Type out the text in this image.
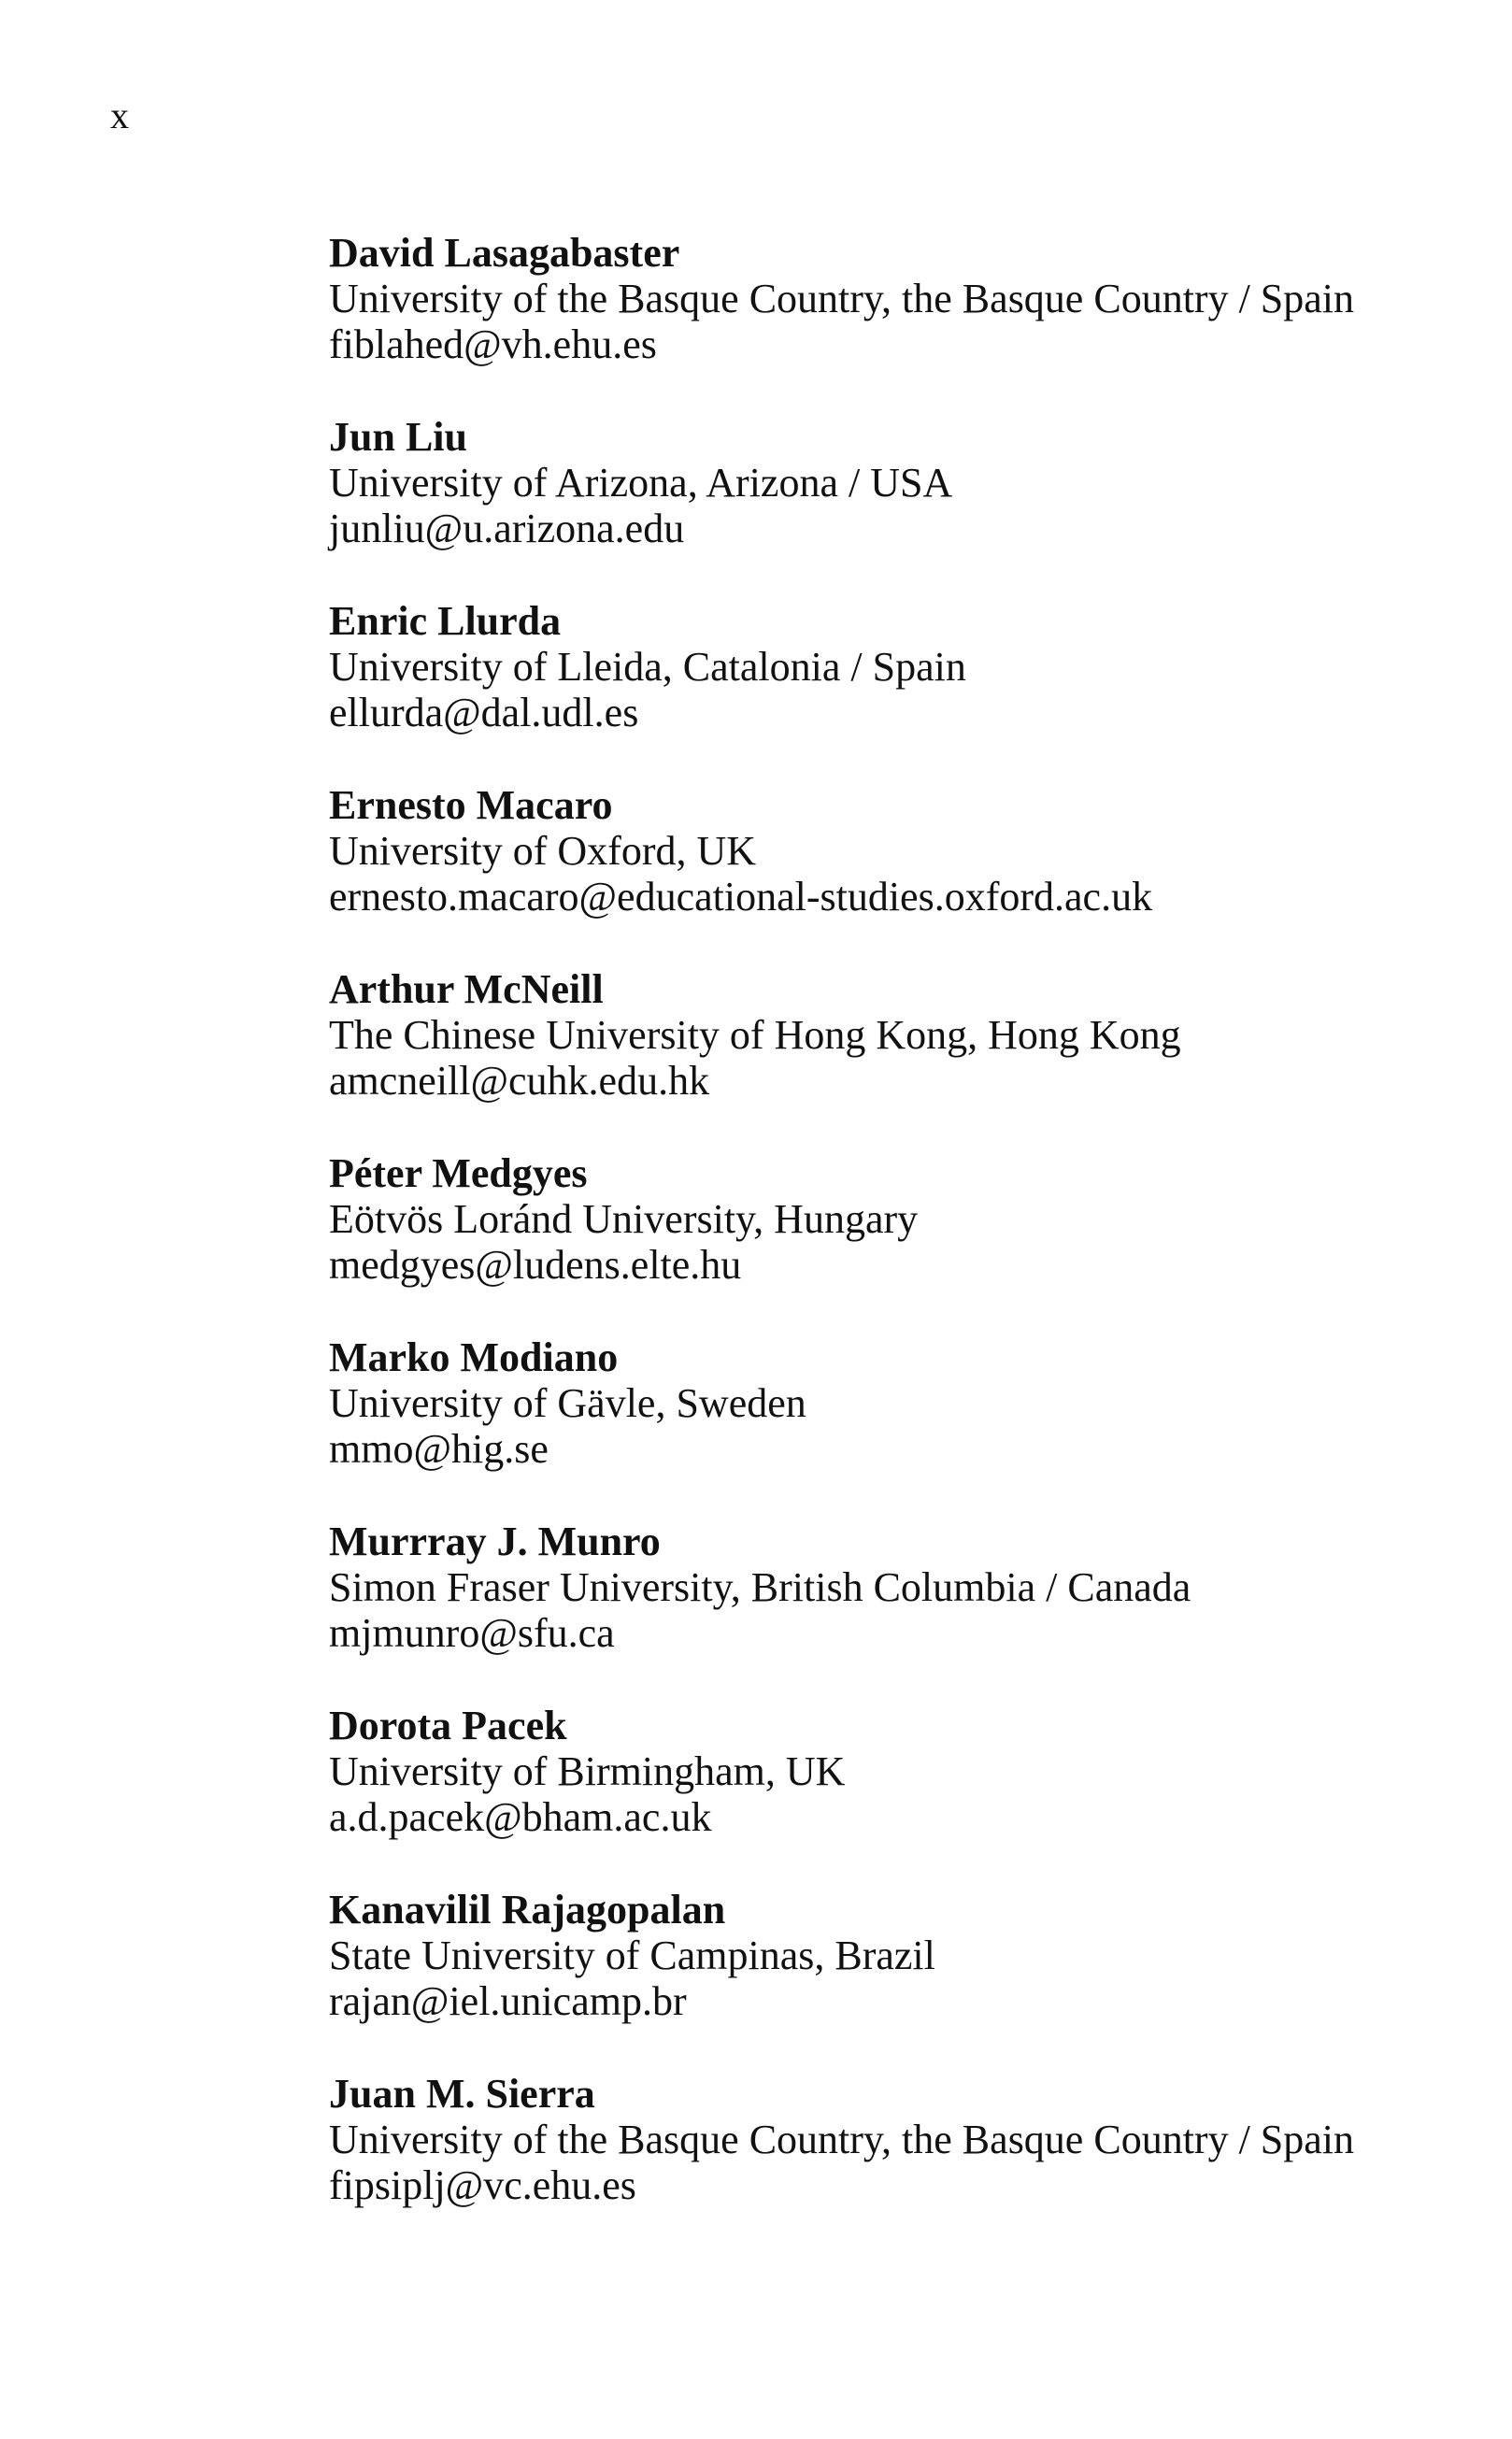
x
David Lasagabaster
University of the Basque Country, the Basque Country / Spain
fiblahed@vh.ehu.es
Jun Liu
University of Arizona, Arizona / USA
junliu@u.arizona.edu
Enric Llurda
University of Lleida, Catalonia / Spain
ellurda@dal.udl.es
Ernesto Macaro
University of Oxford, UK
ernesto.macaro@educational-studies.oxford.ac.uk
Arthur McNeill
The Chinese University of Hong Kong, Hong Kong
amcneill@cuhk.edu.hk
Péter Medgyes
Eötvös Loránd University, Hungary
medgyes@ludens.elte.hu
Marko Modiano
University of Gävle, Sweden
mmo@hig.se
Murrray J. Munro
Simon Fraser University, British Columbia / Canada
mjmunro@sfu.ca
Dorota Pacek
University of Birmingham, UK
a.d.pacek@bham.ac.uk
Kanavilil Rajagopalan
State University of Campinas, Brazil
rajan@iel.unicamp.br
Juan M. Sierra
University of the Basque Country, the Basque Country / Spain
fipsiplj@vc.ehu.es
